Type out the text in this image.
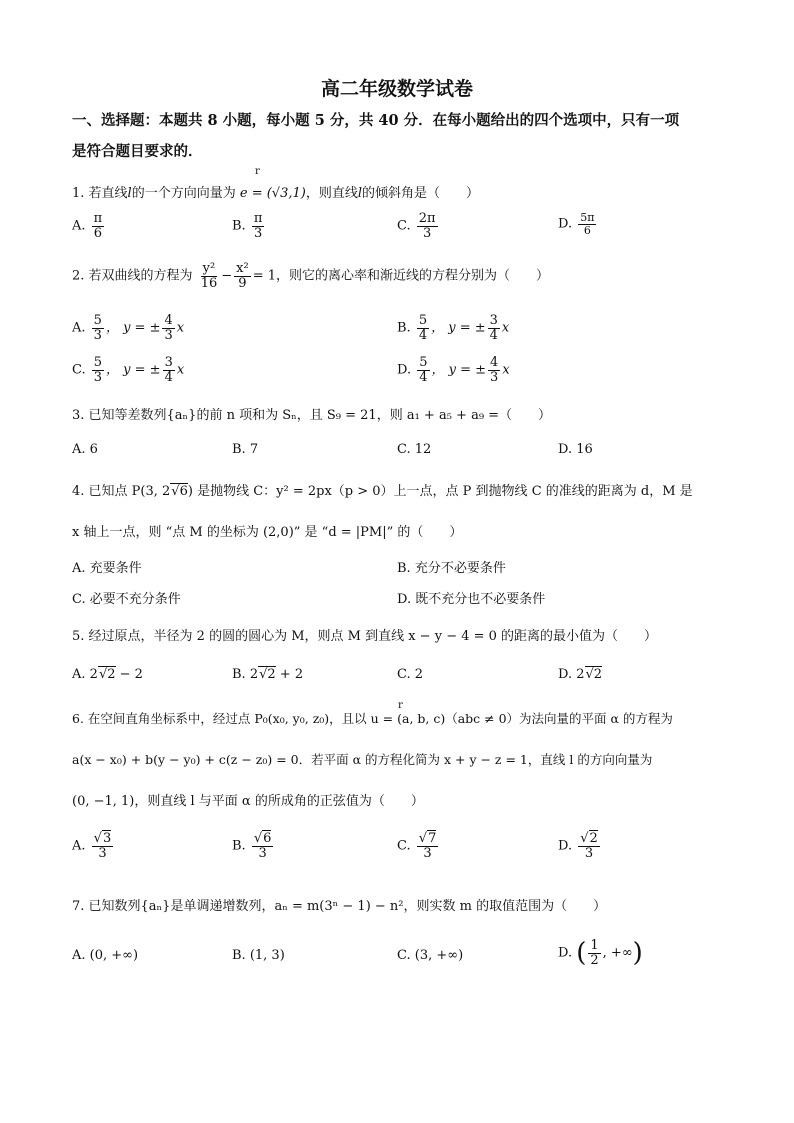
高二年级数学试卷
一、选择题：本题共 8 小题，每小题 5 分，共 40 分．在每小题给出的四个选项中，只有一项
是符合题目要求的．
r
1. 若直线l的一个方向向量为 e = (√3,1)，则直线l的倾斜角是（　　）
A. $\frac{\pi}{6}$	B. $\frac{\pi}{3}$	C. $\frac{2\pi}{3}$	D. $\frac{5\pi}{6}$
2. 若双曲线的方程为 $\frac{\text{y²}}{16} - \frac{\text{x²}}{9} = 1$，则它的离心率和渐近线的方程分别为（　　）
A. $\frac{5}{3}$ ， y = ± $\frac{4}{3}$ x	B. $\frac{5}{4}$ ， y = ± $\frac{3}{4}$ x
C. $\frac{5}{3}$ ， y = ± $\frac{3}{4}$ x	D. $\frac{5}{4}$ ， y = ± $\frac{4}{3}$ x
3. 已知等差数列{aₙ}的前 n 项和为 Sₙ，且 S₉ = 21，则 a₁ + a₅ + a₉ =（　　）
A. 6	B. 7	C. 12	D. 16
4. 已知点 P(3, 2√6) 是抛物线 C：y² = 2px（p > 0）上一点，点 P 到抛物线 C 的准线的距离为 d，M 是
x 轴上一点，则 “点 M 的坐标为 (2,0)” 是 “d = |PM|” 的（　　）
A. 充要条件	B. 充分不必要条件
C. 必要不充分条件	D. 既不充分也不必要条件
5. 经过原点，半径为 2 的圆的圆心为 M，则点 M 到直线 x − y − 4 = 0 的距离的最小值为（　　）
A. 2√2 − 2	B. 2√2 + 2	C. 2	D. 2√2
r
6. 在空间直角坐标系中，经过点 P₀(x₀, y₀, z₀)，且以 u = (a, b, c)（abc ≠ 0）为法向量的平面 α 的方程为
a(x − x₀) + b(y − y₀) + c(z − z₀) = 0．若平面 α 的方程化简为 x + y − z = 1，直线 l 的方向向量为
(0, −1, 1)，则直线 l 与平面 α 的所成角的正弦值为（　　）
A. $\frac{√3}{3}$	B. $\frac{√6}{3}$	C. $\frac{√7}{3}$	D. $\frac{√2}{3}$
7. 已知数列{aₙ}是单调递增数列，aₙ = m(3ⁿ − 1) − n²，则实数 m 的取值范围为（　　）
A. (0, +∞)	B. (1, 3)	C. (3, +∞)	D. ( $\frac{1}{2}$ , +∞)
